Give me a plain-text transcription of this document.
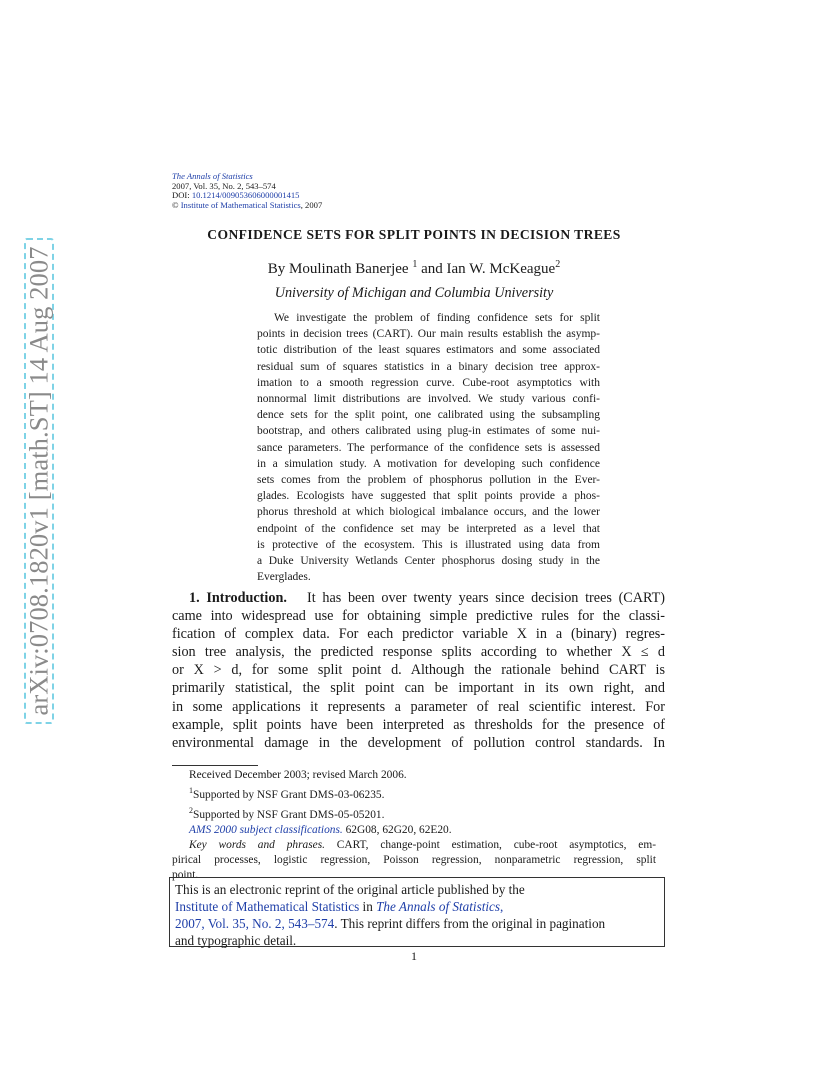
arXiv:0708.1820v1 [math.ST] 14 Aug 2007
The Annals of Statistics
2007, Vol. 35, No. 2, 543–574
DOI: 10.1214/009053606000001415
© Institute of Mathematical Statistics, 2007
CONFIDENCE SETS FOR SPLIT POINTS IN DECISION TREES
By Moulinath Banerjee $^1$ and Ian W. McKeague$^2$
University of Michigan and Columbia University
We investigate the problem of finding confidence sets for split
points in decision trees (CART). Our main results establish the asymp-
totic distribution of the least squares estimators and some associated
residual sum of squares statistics in a binary decision tree approx-
imation to a smooth regression curve. Cube-root asymptotics with
nonnormal limit distributions are involved. We study various confi-
dence sets for the split point, one calibrated using the subsampling
bootstrap, and others calibrated using plug-in estimates of some nui-
sance parameters. The performance of the confidence sets is assessed
in a simulation study. A motivation for developing such confidence
sets comes from the problem of phosphorus pollution in the Ever-
glades. Ecologists have suggested that split points provide a phos-
phorus threshold at which biological imbalance occurs, and the lower
endpoint of the confidence set may be interpreted as a level that
is protective of the ecosystem. This is illustrated using data from
a Duke University Wetlands Center phosphorus dosing study in the
Everglades.
1. Introduction. It has been over twenty years since decision trees (CART)
came into widespread use for obtaining simple predictive rules for the classi-
fication of complex data. For each predictor variable X in a (binary) regres-
sion tree analysis, the predicted response splits according to whether X ≤ d
or X > d, for some split point d. Although the rationale behind CART is
primarily statistical, the split point can be important in its own right, and
in some applications it represents a parameter of real scientific interest. For
example, split points have been interpreted as thresholds for the presence of
environmental damage in the development of pollution control standards. In
Received December 2003; revised March 2006.
$^1$Supported by NSF Grant DMS-03-06235.
$^2$Supported by NSF Grant DMS-05-05201.
AMS 2000 subject classifications. 62G08, 62G20, 62E20.
Key words and phrases. CART, change-point estimation, cube-root asymptotics, em-
pirical processes, logistic regression, Poisson regression, nonparametric regression, split
point.
This is an electronic reprint of the original article published by the
Institute of Mathematical Statistics in The Annals of Statistics,
2007, Vol. 35, No. 2, 543–574. This reprint differs from the original in pagination
and typographic detail.
1
